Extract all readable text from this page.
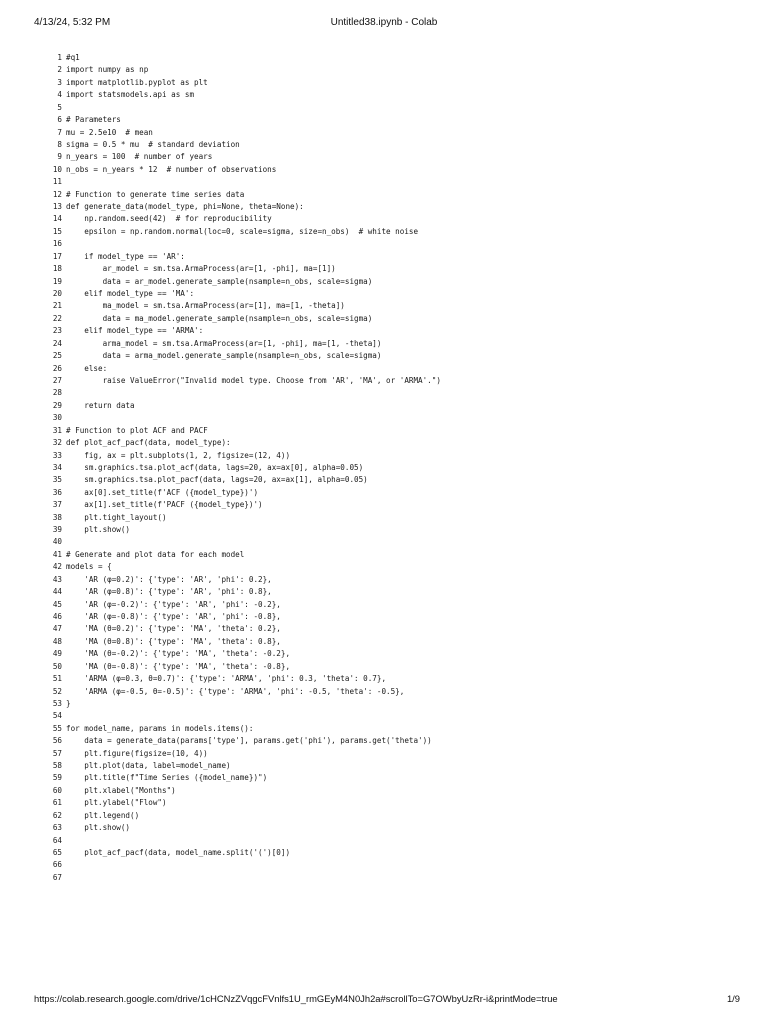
4/13/24, 5:32 PM	Untitled38.ipynb - Colab
1 #q1
2 import numpy as np
3 import matplotlib.pyplot as plt
4 import statsmodels.api as sm
5
6 # Parameters
7 mu = 2.5e10  # mean
8 sigma = 0.5 * mu  # standard deviation
9 n_years = 100  # number of years
10 n_obs = n_years * 12  # number of observations
11
12 # Function to generate time series data
13 def generate_data(model_type, phi=None, theta=None):
14    np.random.seed(42)  # for reproducibility
15    epsilon = np.random.normal(loc=0, scale=sigma, size=n_obs)  # white noise
16
17    if model_type == 'AR':
18        ar_model = sm.tsa.ArmaProcess(ar=[1, -phi], ma=[1])
19        data = ar_model.generate_sample(nsample=n_obs, scale=sigma)
20    elif model_type == 'MA':
21        ma_model = sm.tsa.ArmaProcess(ar=[1], ma=[1, -theta])
22        data = ma_model.generate_sample(nsample=n_obs, scale=sigma)
23    elif model_type == 'ARMA':
24        arma_model = sm.tsa.ArmaProcess(ar=[1, -phi], ma=[1, -theta])
25        data = arma_model.generate_sample(nsample=n_obs, scale=sigma)
26    else:
27        raise ValueError("Invalid model type. Choose from 'AR', 'MA', or 'ARMA'.")
28
29    return data
30
31 # Function to plot ACF and PACF
32 def plot_acf_pacf(data, model_type):
33    fig, ax = plt.subplots(1, 2, figsize=(12, 4))
34    sm.graphics.tsa.plot_acf(data, lags=20, ax=ax[0], alpha=0.05)
35    sm.graphics.tsa.plot_pacf(data, lags=20, ax=ax[1], alpha=0.05)
36    ax[0].set_title(f'ACF ({model_type})')
37    ax[1].set_title(f'PACF ({model_type})')
38    plt.tight_layout()
39    plt.show()
40
41 # Generate and plot data for each model
42 models = {
43    'AR (φ=0.2)': {'type': 'AR', 'phi': 0.2},
44    'AR (φ=0.8)': {'type': 'AR', 'phi': 0.8},
45    'AR (φ=-0.2)': {'type': 'AR', 'phi': -0.2},
46    'AR (φ=-0.8)': {'type': 'AR', 'phi': -0.8},
47    'MA (θ=0.2)': {'type': 'MA', 'theta': 0.2},
48    'MA (θ=0.8)': {'type': 'MA', 'theta': 0.8},
49    'MA (θ=-0.2)': {'type': 'MA', 'theta': -0.2},
50    'MA (θ=-0.8)': {'type': 'MA', 'theta': -0.8},
51    'ARMA (φ=0.3, θ=0.7)': {'type': 'ARMA', 'phi': 0.3, 'theta': 0.7},
52    'ARMA (φ=-0.5, θ=-0.5)': {'type': 'ARMA', 'phi': -0.5, 'theta': -0.5},
53 }
54
55 for model_name, params in models.items():
56    data = generate_data(params['type'], params.get('phi'), params.get('theta'))
57    plt.figure(figsize=(10, 4))
58    plt.plot(data, label=model_name)
59    plt.title(f"Time Series ({model_name})")
60    plt.xlabel("Months")
61    plt.ylabel("Flow")
62    plt.legend()
63    plt.show()
64
65    plot_acf_pacf(data, model_name.split('(')[0])
66
67
https://colab.research.google.com/drive/1cHCNzZVqgcFVnlfs1U_rmGEyM4N0Jh2a#scrollTo=G7OWbyUzRr-i&printMode=true	1/9
